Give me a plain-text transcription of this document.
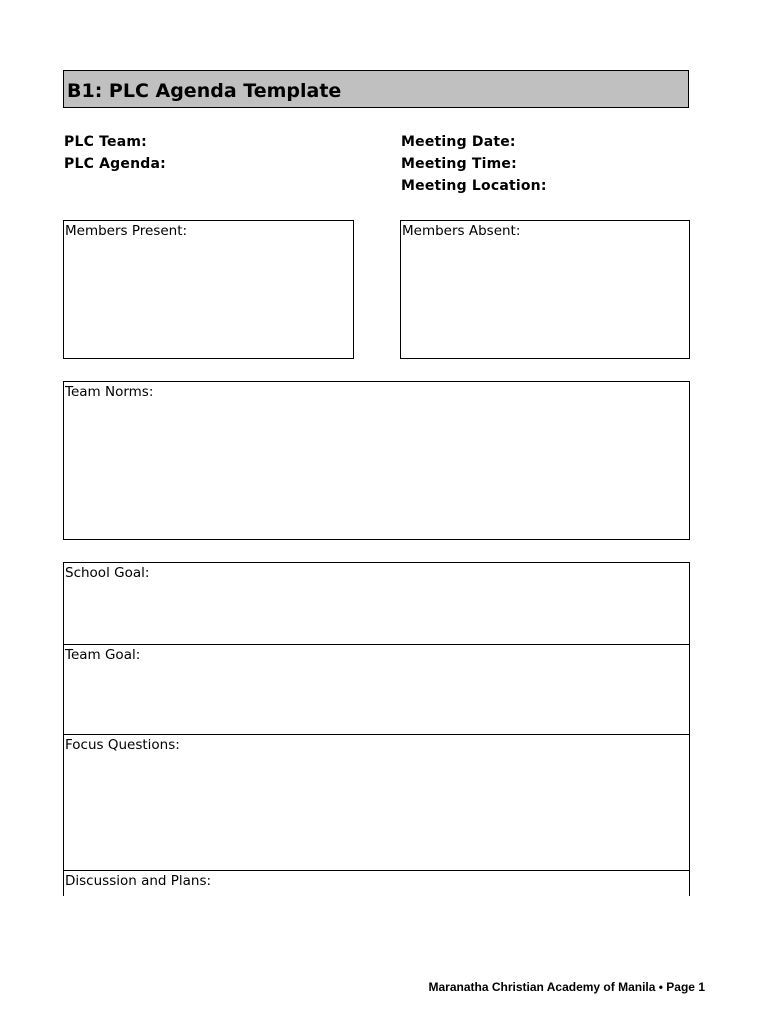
B1: PLC Agenda Template
PLC Team:
PLC Agenda:
Meeting Date:
Meeting Time:
Meeting Location:
Members Present:	Members Absent:
Team Norms:
School Goal:
Team Goal:
Focus Questions:
Discussion and Plans:
Maranatha Christian Academy of Manila • Page 1
